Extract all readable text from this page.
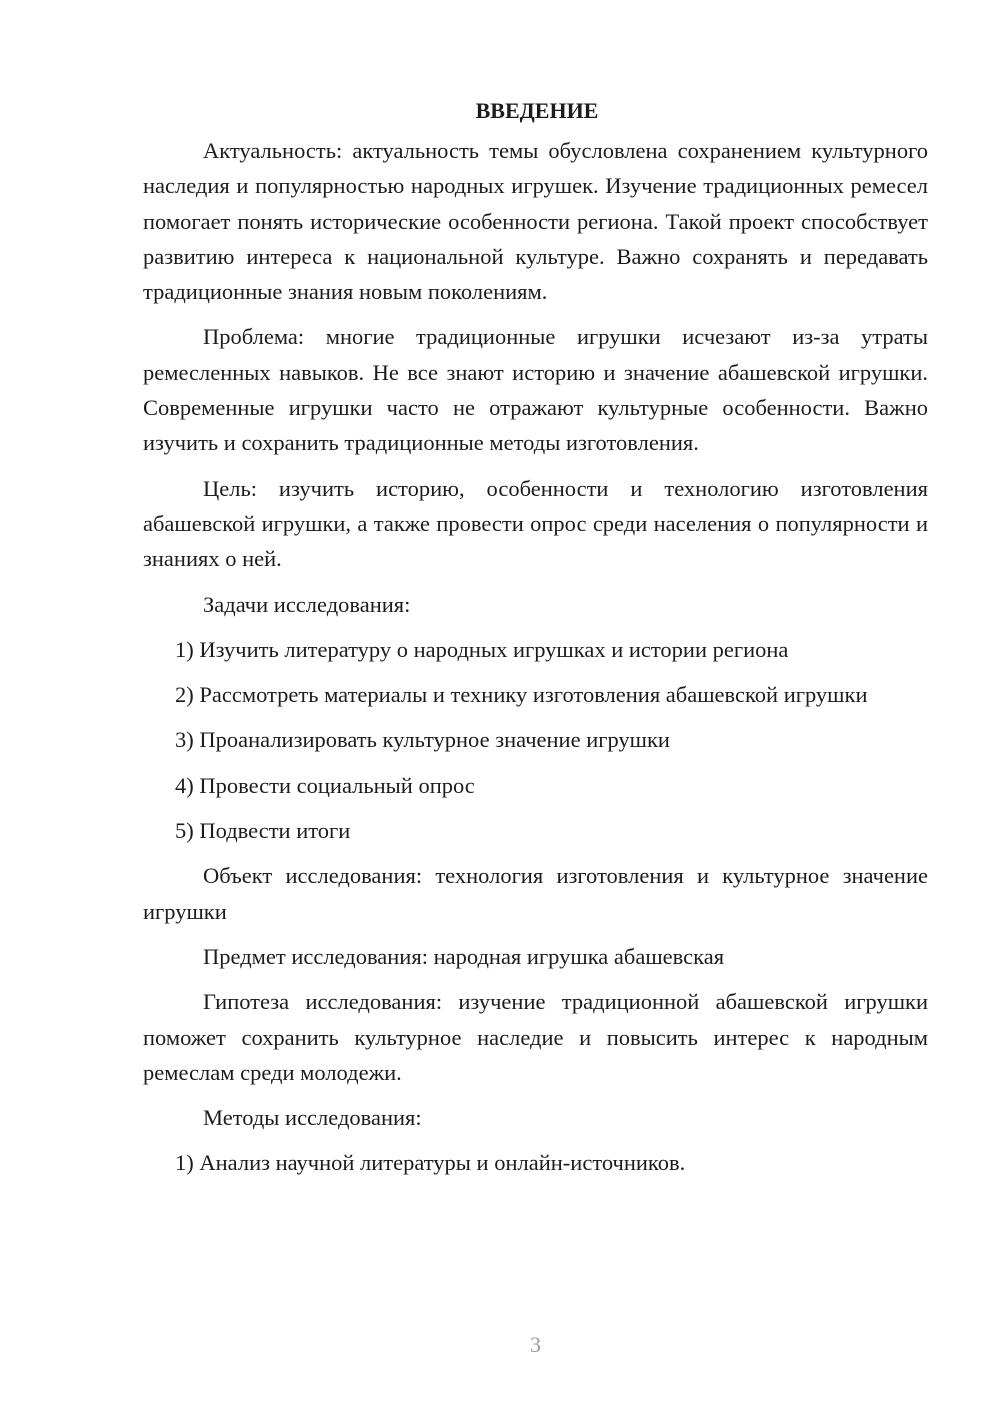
ВВЕДЕНИЕ

Актуальность: актуальность темы обусловлена сохранением культурного наследия и популярностью народных игрушек. Изучение традиционных ремесел помогает понять исторические особенности региона. Такой проект способствует развитию интереса к национальной культуре. Важно сохранять и передавать традиционные знания новым поколениям.

Проблема: многие традиционные игрушки исчезают из-за утраты ремесленных навыков. Не все знают историю и значение абашевской игрушки. Современные игрушки часто не отражают культурные особенности. Важно изучить и сохранить традиционные методы изготовления.

Цель: изучить историю, особенности и технологию изготовления абашевской игрушки, а также провести опрос среди населения о популярности и знаниях о ней.

Задачи исследования:

1) Изучить литературу о народных игрушках и истории региона

2) Рассмотреть материалы и технику изготовления абашевской игрушки

3) Проанализировать культурное значение игрушки

4) Провести социальный опрос

5) Подвести итоги

Объект исследования: технология изготовления и культурное значение игрушки

Предмет исследования: народная игрушка абашевская

Гипотеза исследования: изучение традиционной абашевской игрушки поможет сохранить культурное наследие и повысить интерес к народным ремеслам среди молодежи.

Методы исследования:

1) Анализ научной литературы и онлайн-источников.

3
